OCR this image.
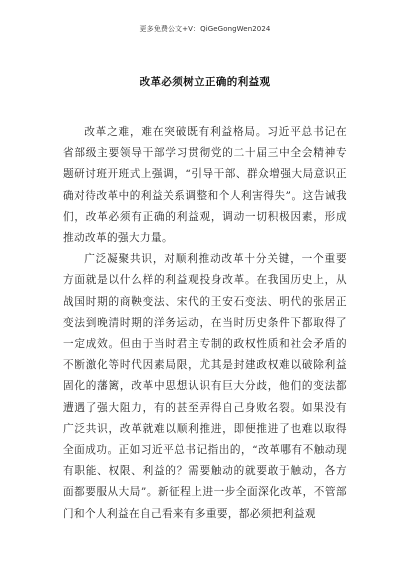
更多免费公文+V：QiGeGongWen2024
改革必须树立正确的利益观

改革之难，难在突破既有利益格局。习近平总书记在省部级主要领导干部学习贯彻党的二十届三中全会精神专题研讨班开班式上强调，“引导干部、群众增强大局意识正确对待改革中的利益关系调整和个人利害得失”。这告诫我们，改革必须有正确的利益观，调动一切积极因素，形成推动改革的强大力量。

广泛凝聚共识，对顺利推动改革十分关键，一个重要方面就是以什么样的利益观投身改革。在我国历史上，从战国时期的商鞅变法、宋代的王安石变法、明代的张居正变法到晚清时期的洋务运动，在当时历史条件下都取得了一定成效。但由于当时君主专制的政权性质和社会矛盾的不断激化等时代因素局限，尤其是封建政权难以破除利益固化的藩篱，改革中思想认识有巨大分歧，他们的变法都遭遇了强大阻力，有的甚至弄得自己身败名裂。如果没有广泛共识，改革就难以顺利推进，即便推进了也难以取得全面成功。正如习近平总书记指出的，“改革哪有不触动现有职能、权限、利益的？需要触动的就要敢于触动，各方面都要服从大局”。新征程上进一步全面深化改革，不管部门和个人利益在自己看来有多重要，都必须把利益观
